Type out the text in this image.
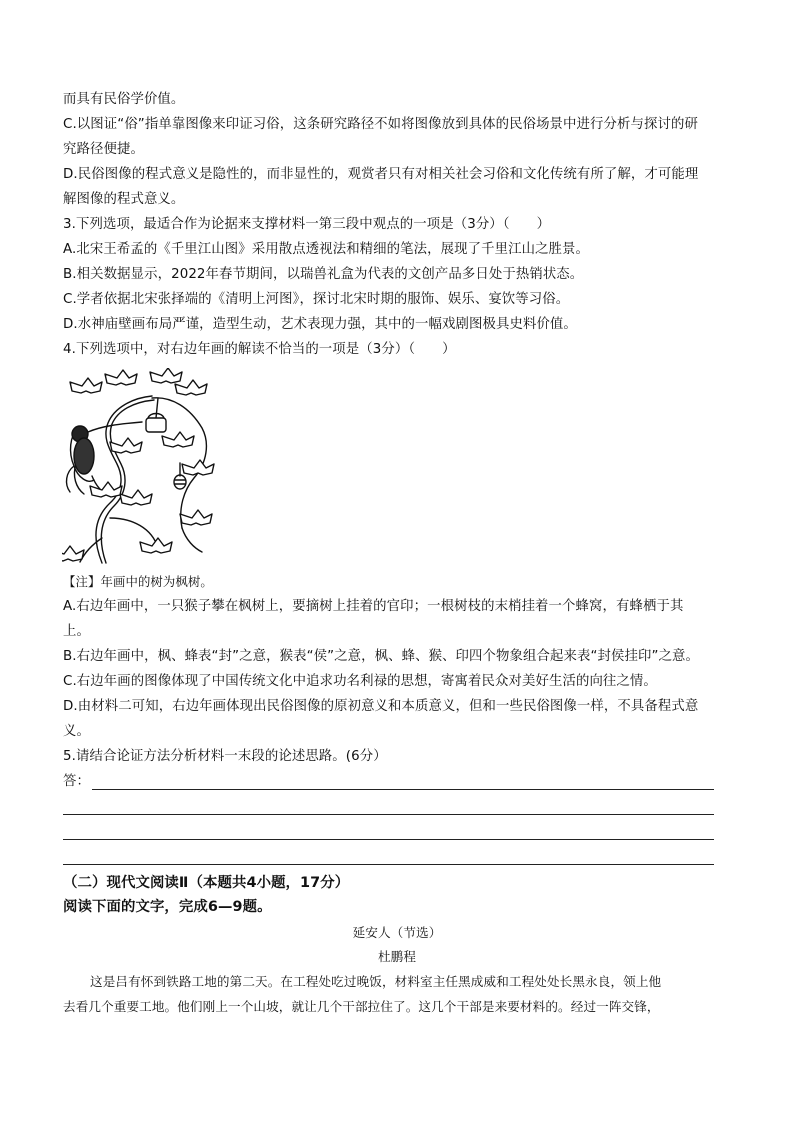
而具有民俗学价值。
C.以图证“俗”指单靠图像来印证习俗，这条研究路径不如将图像放到具体的民俗场景中进行分析与探讨的研
究路径便捷。
D.民俗图像的程式意义是隐性的，而非显性的，观赏者只有对相关社会习俗和文化传统有所了解，才可能理
解图像的程式意义。
3.下列选项，最适合作为论据来支撑材料一第三段中观点的一项是（3分）（　　）
A.北宋王希孟的《千里江山图》采用散点透视法和精细的笔法，展现了千里江山之胜景。
B.相关数据显示，2022年春节期间，以瑞兽礼盒为代表的文创产品多日处于热销状态。
C.学者依据北宋张择端的《清明上河图》，探讨北宋时期的服饰、娱乐、宴饮等习俗。
D.水神庙壁画布局严谨，造型生动，艺术表现力强，其中的一幅戏剧图极具史料价值。
4.下列选项中，对右边年画的解读不恰当的一项是（3分）（　　）
【注】年画中的树为枫树。
A.右边年画中，一只猴子攀在枫树上，要摘树上挂着的官印；一根树枝的末梢挂着一个蜂窝，有蜂栖于其
上。
B.右边年画中，枫、蜂表“封”之意，猴表“侯”之意，枫、蜂、猴、印四个物象组合起来表“封侯挂印”之意。
C.右边年画的图像体现了中国传统文化中追求功名利禄的思想，寄寓着民众对美好生活的向往之情。
D.由材料二可知，右边年画体现出民俗图像的原初意义和本质意义，但和一些民俗图像一样，不具备程式意
义。
5.请结合论证方法分析材料一末段的论述思路。(6分）
答：
（二）现代文阅读Ⅱ（本题共4小题，17分）
阅读下面的文字，完成6—9题。
延安人（节选）
杜鹏程
这是吕有怀到铁路工地的第二天。在工程处吃过晚饭，材料室主任黑成威和工程处处长黑永良，领上他
去看几个重要工地。他们刚上一个山坡，就让几个干部拉住了。这几个干部是来要材料的。经过一阵交锋，
